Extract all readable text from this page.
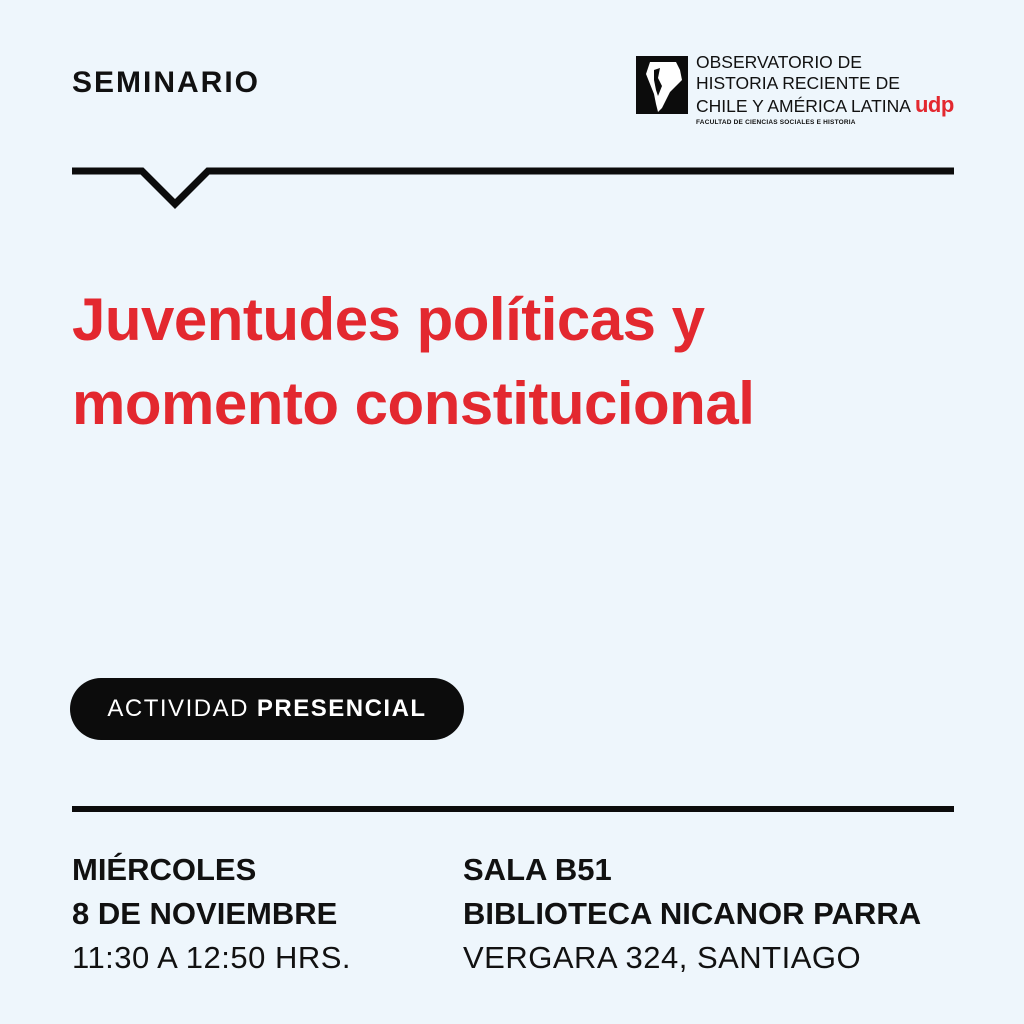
SEMINARIO
OBSERVATORIO DE
HISTORIA RECIENTE DE
CHILE Y AMÉRICA LATINA udp
FACULTAD DE CIENCIAS SOCIALES E HISTORIA
Juventudes políticas y
momento constitucional
ACTIVIDAD PRESENCIAL
MIÉRCOLES
8 DE NOVIEMBRE
11:30 A 12:50 HRS.
SALA B51
BIBLIOTECA NICANOR PARRA
VERGARA 324, SANTIAGO
